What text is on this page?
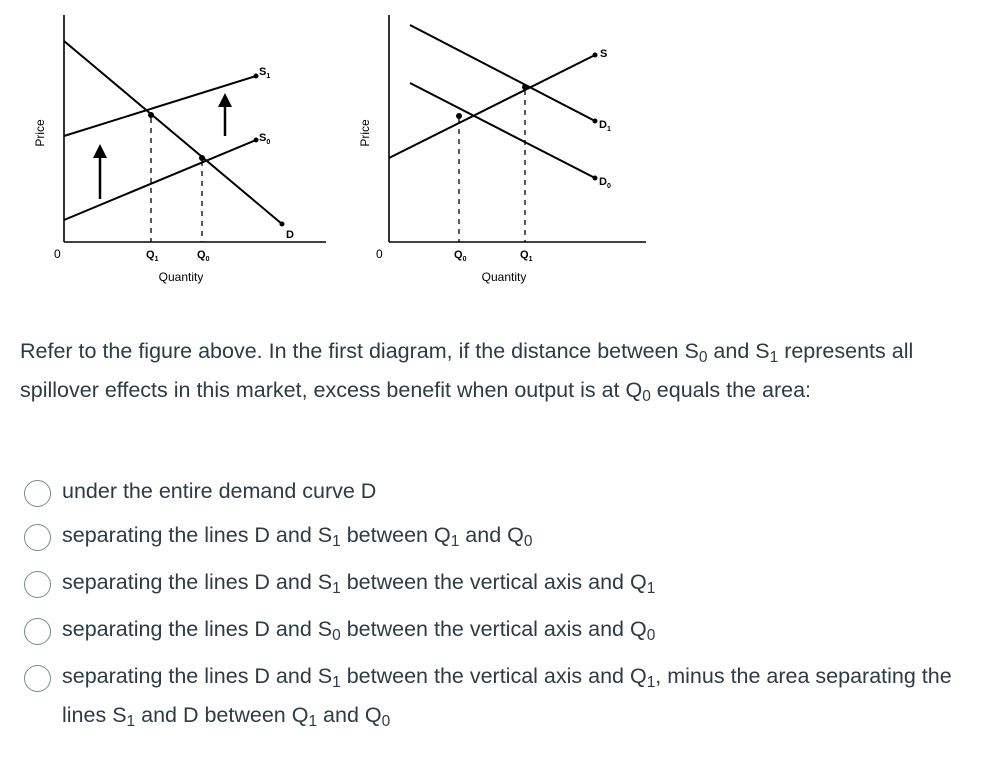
Price
0
D
$S_0$
$S_1$
$Q_1$	$Q_0$
Quantity
Price
0
$D_1$
$D_0$
S
$Q_0$	$Q_1$
Quantity
Refer to the figure above. In the first diagram, if the distance between $S_0$ and $S_1$ represents all spillover effects in this market, excess benefit when output is at $Q_0$ equals the area:
under the entire demand curve D
separating the lines D and $S_1$ between $Q_1$ and $Q_0$
separating the lines D and $S_1$ between the vertical axis and $Q_1$
separating the lines D and $S_0$ between the vertical axis and $Q_0$
separating the lines D and $S_1$ between the vertical axis and $Q_1$, minus the area separating the lines $S_1$ and D between $Q_1$ and $Q_0$
